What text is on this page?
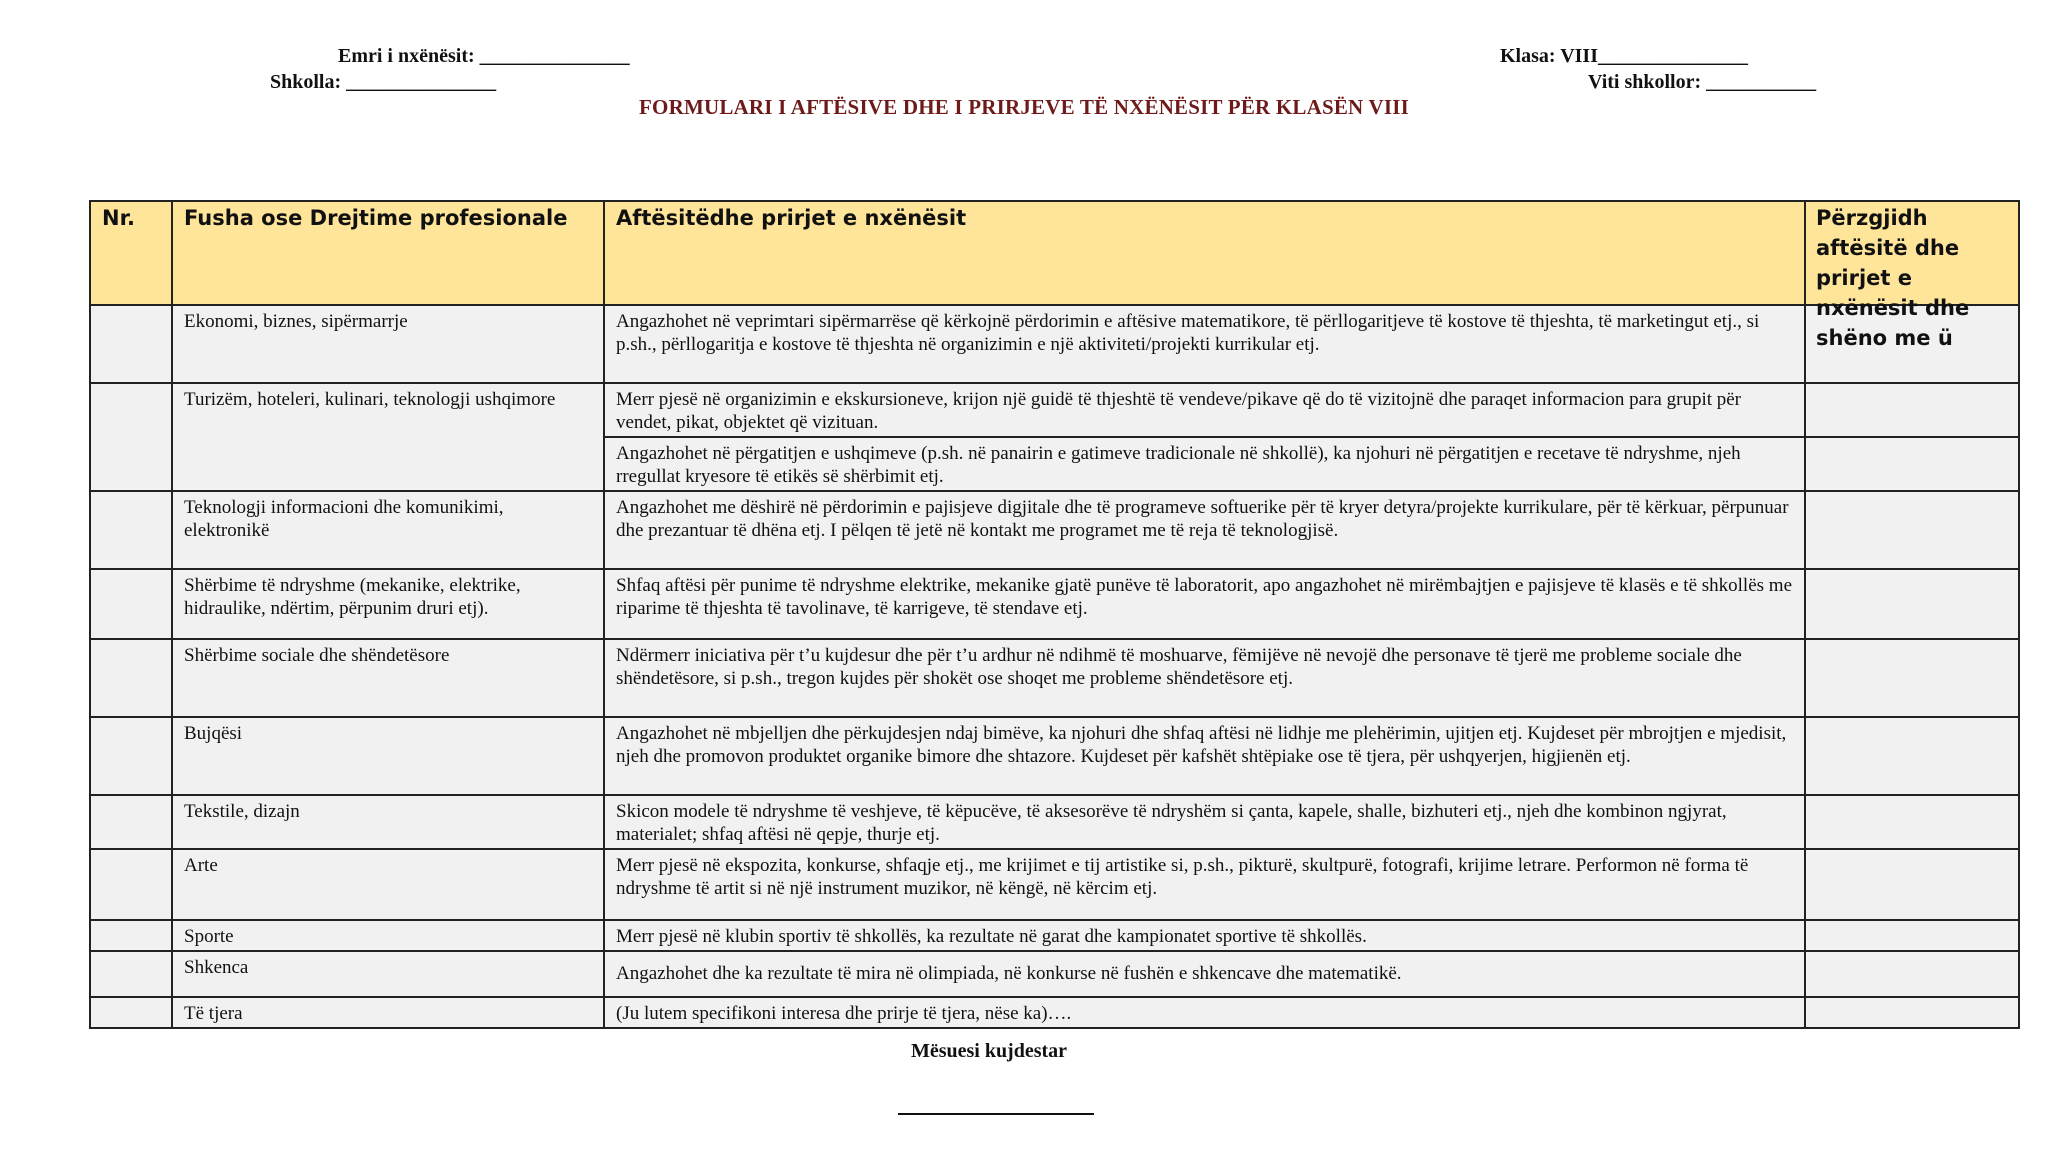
Emri i nxënësit: _______________
Shkolla: _______________
Klasa: VIII_______________
Viti shkollor: ___________
FORMULARI I AFTËSIVE DHE I PRIRJEVE TË NXËNËSIT PËR KLASËN VIII
Nr.	Fusha ose Drejtime profesionale	Aftësitëdhe prirjet e nxënësit	Përzgjidh aftësitë dhe prirjet e nxënësit dhe shëno me ü

	Ekonomi, biznes, sipërmarrje	Angazhohet në veprimtari sipërmarrëse që kërkojnë përdorimin e aftësive matematikore, të përllogaritjeve të kostove të thjeshta, të marketingut etj., si p.sh., përllogaritja e kostove të thjeshta në organizimin e një aktiviteti/projekti kurrikular etj.	
	Turizëm, hoteleri, kulinari, teknologji ushqimore	Merr pjesë në organizimin e ekskursioneve, krijon një guidë të thjeshtë të vendeve/pikave që do të vizitojnë dhe paraqet informacion para grupit për vendet, pikat, objektet që vizituan.	
		Angazhohet në përgatitjen e ushqimeve (p.sh. në panairin e gatimeve tradicionale në shkollë), ka njohuri në përgatitjen e recetave të ndryshme, njeh rregullat kryesore të etikës së shërbimit etj.	
	Teknologji informacioni dhe komunikimi, elektronikë	Angazhohet me dëshirë në përdorimin e pajisjeve digjitale dhe të programeve softuerike për të kryer detyra/projekte kurrikulare, për të kërkuar, përpunuar dhe prezantuar të dhëna etj. I pëlqen të jetë në kontakt me programet me të reja të teknologjisë.	
	Shërbime të ndryshme (mekanike, elektrike, hidraulike, ndërtim, përpunim druri etj).	Shfaq aftësi për punime të ndryshme elektrike, mekanike gjatë punëve të laboratorit, apo angazhohet në mirëmbajtjen e pajisjeve të klasës e të shkollës me riparime të thjeshta të tavolinave, të karrigeve, të stendave etj.	
	Shërbime sociale dhe shëndetësore	Ndërmerr iniciativa për t’u kujdesur dhe për t’u ardhur në ndihmë të moshuarve, fëmijëve në nevojë dhe personave të tjerë me probleme sociale dhe shëndetësore, si p.sh., tregon kujdes për shokët ose shoqet me probleme shëndetësore etj.	
	Bujqësi	Angazhohet në mbjelljen dhe përkujdesjen ndaj bimëve, ka njohuri dhe shfaq aftësi në lidhje me plehërimin, ujitjen etj. Kujdeset për mbrojtjen e mjedisit, njeh dhe promovon produktet organike bimore dhe shtazore. Kujdeset për kafshët shtëpiake ose të tjera, për ushqyerjen, higjienën etj.	
	Tekstile, dizajn	Skicon modele të ndryshme të veshjeve, të këpucëve, të aksesorëve të ndryshëm si çanta, kapele, shalle, bizhuteri etj., njeh dhe kombinon ngjyrat, materialet; shfaq aftësi në qepje, thurje etj.	
	Arte	Merr pjesë në ekspozita, konkurse, shfaqje etj., me krijimet e tij artistike si, p.sh., pikturë, skultpurë, fotografi, krijime letrare. Performon në forma të ndryshme të artit si në një instrument muzikor, në këngë, në kërcim etj.	
	Sporte	Merr pjesë në klubin sportiv të shkollës, ka rezultate në garat dhe kampionatet sportive të shkollës.	
	Shkenca	Angazhohet dhe ka rezultate të mira në olimpiada, në konkurse në fushën e shkencave dhe matematikë.	
	Të tjera	(Ju lutem specifikoni interesa dhe prirje të tjera, nëse ka)….	
Mësuesi kujdestar
